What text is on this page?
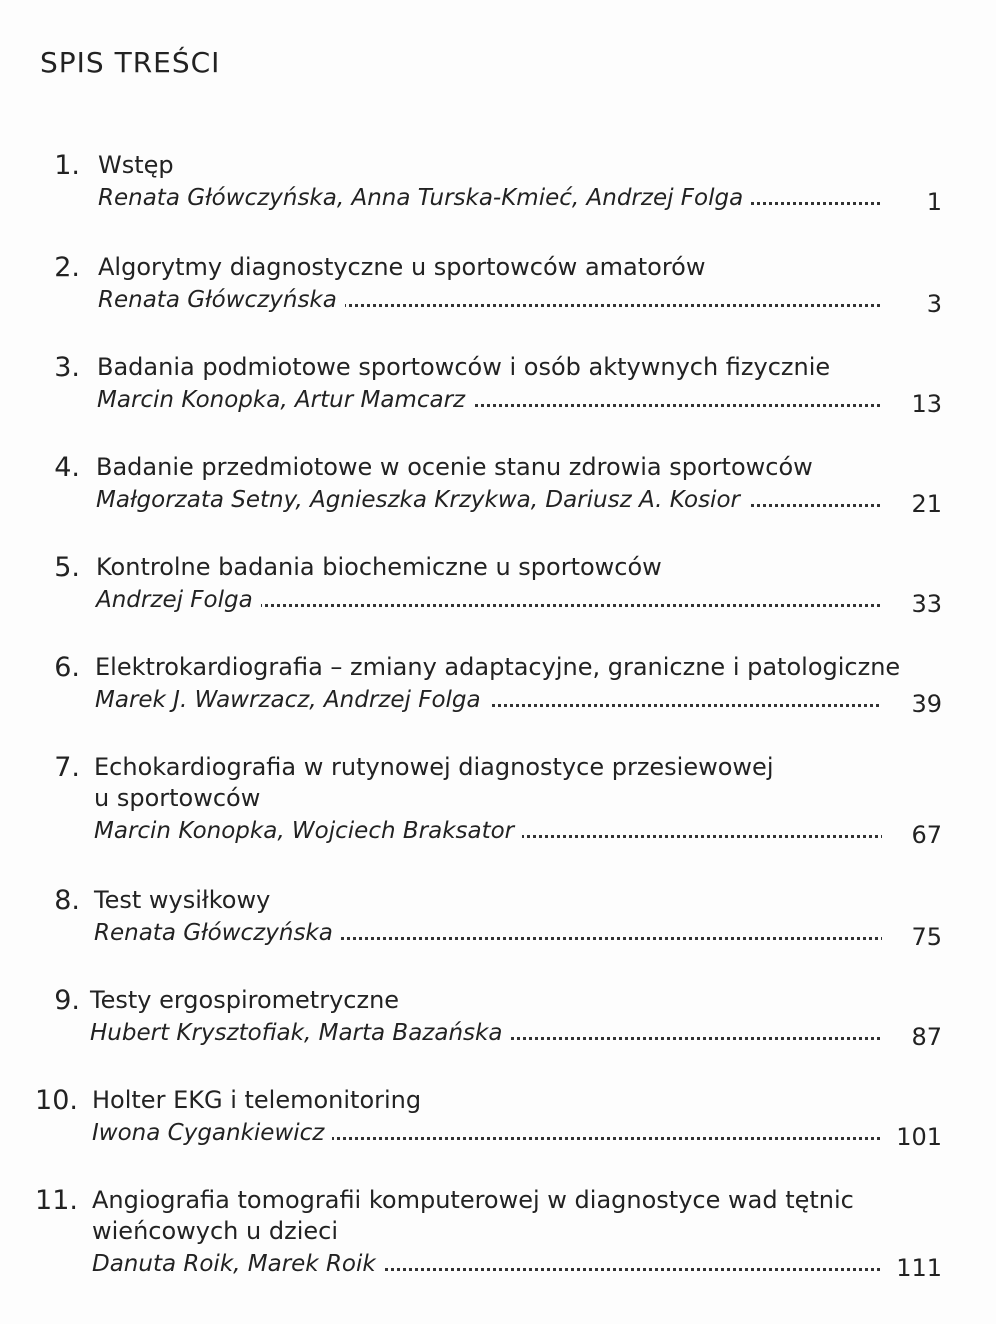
SPIS TREŚCI
1. Wstęp
Renata Główczyńska, Anna Turska-Kmieć, Andrzej Folga	1
2. Algorytmy diagnostyczne u sportowców amatorów
Renata Główczyńska	3
3. Badania podmiotowe sportowców i osób aktywnych fizycznie
Marcin Konopka, Artur Mamcarz	13
4. Badanie przedmiotowe w ocenie stanu zdrowia sportowców
Małgorzata Setny, Agnieszka Krzykwa, Dariusz A. Kosior	21
5. Kontrolne badania biochemiczne u sportowców
Andrzej Folga	33
6. Elektrokardiografia – zmiany adaptacyjne, graniczne i patologiczne
Marek J. Wawrzacz, Andrzej Folga	39
7. Echokardiografia w rutynowej diagnostyce przesiewowej
u sportowców
Marcin Konopka, Wojciech Braksator	67
8. Test wysiłkowy
Renata Główczyńska	75
9. Testy ergospirometryczne
Hubert Krysztofiak, Marta Bazańska	87
10. Holter EKG i telemonitoring
Iwona Cygankiewicz	101
11. Angiografia tomografii komputerowej w diagnostyce wad tętnic
wieńcowych u dzieci
Danuta Roik, Marek Roik	111
